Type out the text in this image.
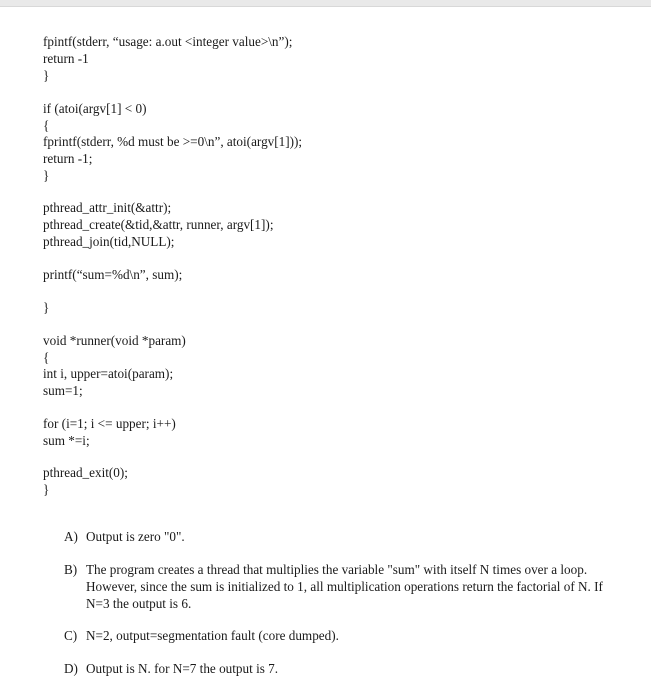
fpintf(stderr, “usage: a.out <integer value>\n”);
return -1
}
if (atoi(argv[1] < 0)
{
fprintf(stderr, %d must be >=0\n”, atoi(argv[1]));
return -1;
}
pthread_attr_init(&attr);
pthread_create(&tid,&attr, runner, argv[1]);
pthread_join(tid,NULL);
printf(“sum=%d\n”, sum);
}
void *runner(void *param)
{
int i, upper=atoi(param);
sum=1;
for (i=1; i <= upper; i++)
sum *=i;
pthread_exit(0);
}
A) Output is zero "0".
B) The program creates a thread that multiplies the variable "sum" with itself N times over a loop. However, since the sum is initialized to 1, all multiplication operations return the factorial of N. If N=3 the output is 6.
C) N=2, output=segmentation fault (core dumped).
D) Output is N. for N=7 the output is 7.
